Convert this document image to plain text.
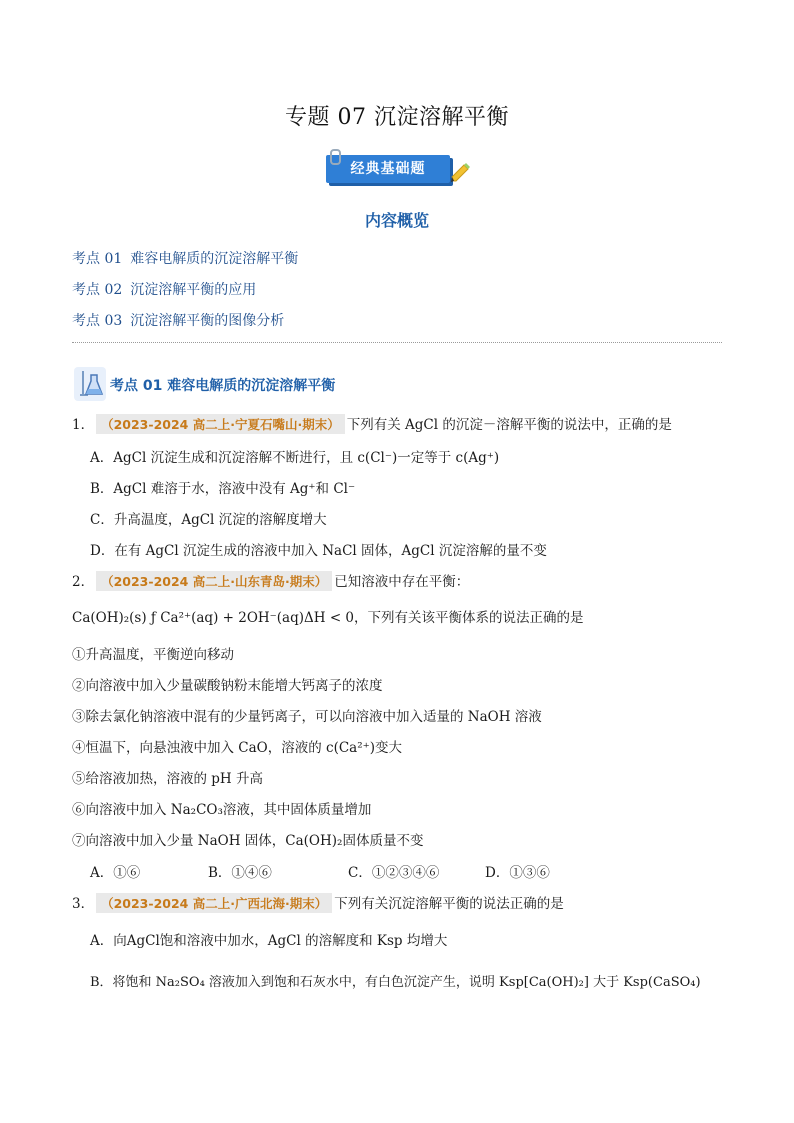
专题 07 沉淀溶解平衡
经典基础题
内容概览
考点 01 难容电解质的沉淀溶解平衡
考点 02 沉淀溶解平衡的应用
考点 03 沉淀溶解平衡的图像分析
考点 01 难容电解质的沉淀溶解平衡
1． （2023-2024 高二上·宁夏石嘴山·期末） 下列有关 AgCl 的沉淀－溶解平衡的说法中，正确的是
A．AgCl 沉淀生成和沉淀溶解不断进行，且 c(Cl⁻)一定等于 c(Ag⁺)
B．AgCl 难溶于水，溶液中没有 Ag⁺和 Cl⁻
C．升高温度，AgCl 沉淀的溶解度增大
D．在有 AgCl 沉淀生成的溶液中加入 NaCl 固体，AgCl 沉淀溶解的量不变
2． （2023-2024 高二上·山东青岛·期末） 已知溶液中存在平衡：
Ca(OH)₂(s) ƒ Ca²⁺(aq) + 2OH⁻(aq)ΔH < 0，下列有关该平衡体系的说法正确的是
①升高温度，平衡逆向移动
②向溶液中加入少量碳酸钠粉末能增大钙离子的浓度
③除去氯化钠溶液中混有的少量钙离子，可以向溶液中加入适量的 NaOH 溶液
④恒温下，向悬浊液中加入 CaO，溶液的 c(Ca²⁺)变大
⑤给溶液加热，溶液的 pH 升高
⑥向溶液中加入 Na₂CO₃溶液，其中固体质量增加
⑦向溶液中加入少量 NaOH 固体，Ca(OH)₂固体质量不变
A．①⑥	B．①④⑥	C．①②③④⑥	D．①③⑥
3． （2023-2024 高二上·广西北海·期末） 下列有关沉淀溶解平衡的说法正确的是
A．向AgCl饱和溶液中加水，AgCl 的溶解度和 Ksp 均增大
B．将饱和 Na₂SO₄ 溶液加入到饱和石灰水中，有白色沉淀产生，说明 Ksp[Ca(OH)₂] 大于 Ksp(CaSO₄)
